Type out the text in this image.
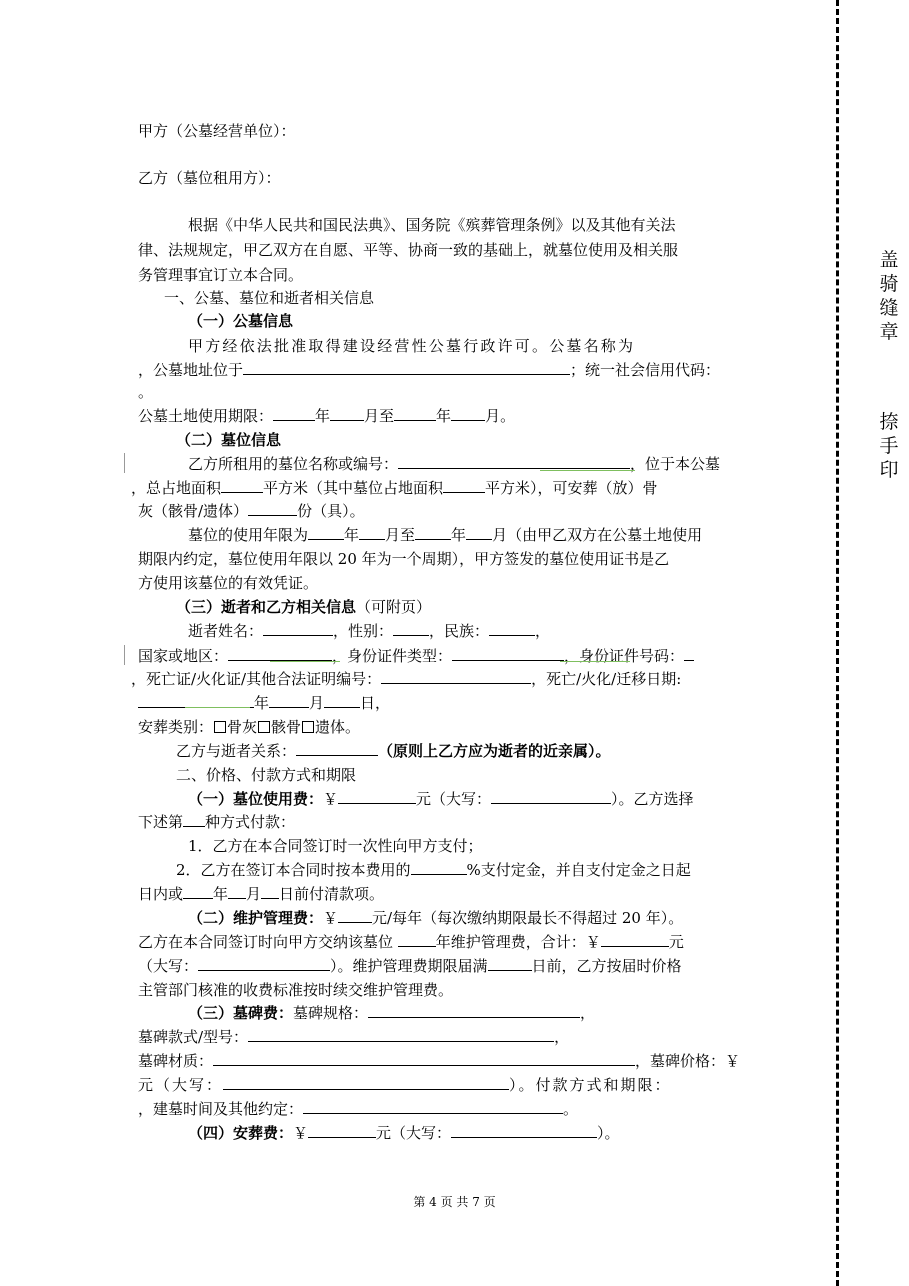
甲方（公墓经营单位）：
乙方（墓位租用方）：
根据《中华人民共和国民法典》、国务院《殡葬管理条例》以及其他有关法
律、法规规定，甲乙双方在自愿、平等、协商一致的基础上，就墓位使用及相关服
务管理事宜订立本合同。
一、公墓、墓位和逝者相关信息
（一）公墓信息
甲方经依法批准取得建设经营性公墓行政许可。公墓名称为
，公墓地址位于	；统一社会信用代码：
。
公墓土地使用期限：	年 月至	年 月。
（二）墓位信息
乙方所租用的墓位名称或编号：	，位于本公墓
，总占地面积	平方米（其中墓位占地面积	平方米），可安葬（放）骨
灰（骸骨/遗体）	份（具）。
墓位的使用年限为 年 月至 年 月（由甲乙双方在公墓土地使用
期限内约定，墓位使用年限以 20 年为一个周期），甲方签发的墓位使用证书是乙
方使用该墓位的有效凭证。
（三）逝者和乙方相关信息（可附页）
逝者姓名：	，性别： ，民族：	，
国家或地区：	，身份证件类型：	，身份证件号码：
，死亡证/火化证/其他合法证明编号：	，死亡/火化/迁移日期:
年	月 日，
安葬类别： 骨灰 骸骨 遗体。
乙方与逝者关系：	（原则上乙方应为逝者的近亲属）。
二、价格、付款方式和期限
（一）墓位使用费：￥	元（大写：	）。乙方选择
下述第 种方式付款：
1．乙方在本合同签订时一次性向甲方支付；
2．乙方在签订本合同时按本费用的	%支付定金，并自支付定金之日起
日内或 年 月 日前付清款项。
（二）维护管理费：￥ 元/每年（每次缴纳期限最长不得超过 20 年）。
乙方在本合同签订时向甲方交纳该墓位	年维护管理费，合计：￥	元
（大写：	）。维护管理费期限届满	日前，乙方按届时价格
主管部门核准的收费标准按时续交维护管理费。
（三）墓碑费：墓碑规格：	，
墓碑款式/型号：	，
墓碑材质：	，墓碑价格：￥
元（大写：	）。付款方式和期限：
，建墓时间及其他约定：	。
（四）安葬费：￥	元（大写：	）。
第 4 页 共 7 页
盖骑缝章
捺手印
